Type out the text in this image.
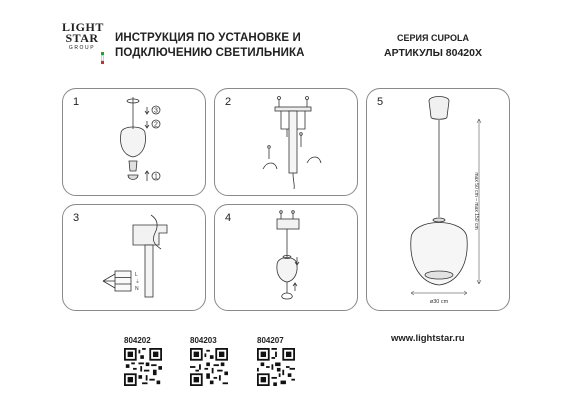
LIGHT
STAR
GROUP
ИНСТРУКЦИЯ ПО УСТАНОВКЕ И
ПОДКЛЮЧЕНИЮ СВЕТИЛЬНИКА
СЕРИЯ CUPOLA
АРТИКУЛЫ 80420X
1
3
2
1
2
3
L
⏚
N
4
5
ø30 cm
max 50 cm – max 150 cm
804202	804203	804207	www.lightstar.ru
